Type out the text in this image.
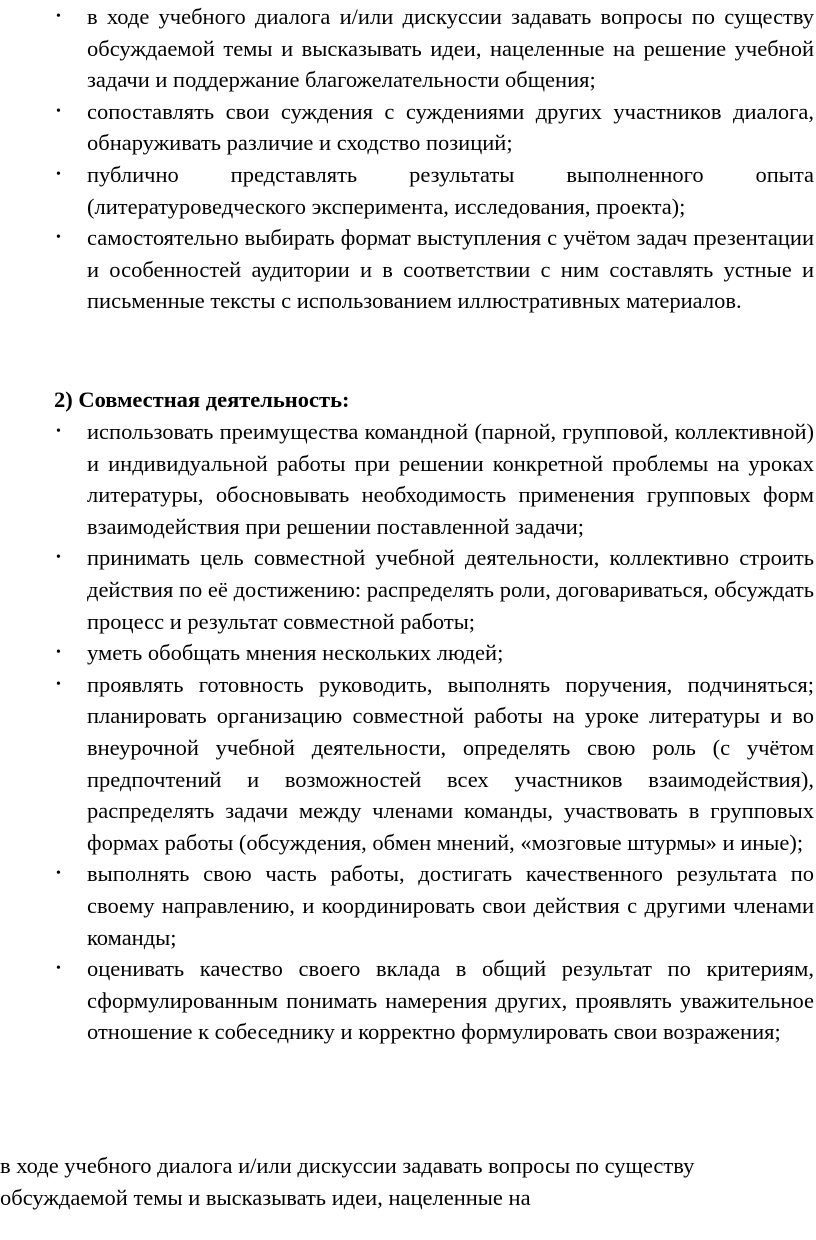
• в ходе учебного диалога и/или дискуссии задавать вопросы по существу обсуждаемой темы и высказывать идеи, нацеленные на решение учебной задачи и поддержание благожелательности общения;
• сопоставлять свои суждения с суждениями других участников диалога, обнаруживать различие и сходство позиций;
• публично представлять результаты выполненного опыта (литературоведческого эксперимента, исследования, проекта);
• самостоятельно выбирать формат выступления с учётом задач презентации и особенностей аудитории и в соответствии с ним составлять устные и письменные тексты с использованием иллюстративных материалов.
2) Совместная деятельность:
• использовать преимущества командной (парной, групповой, коллективной) и индивидуальной работы при решении конкретной проблемы на уроках литературы, обосновывать необходимость применения групповых форм взаимодействия при решении поставленной задачи;
• принимать цель совместной учебной деятельности, коллективно строить действия по её достижению: распределять роли, договариваться, обсуждать процесс и результат совместной работы;
• уметь обобщать мнения нескольких людей;
• проявлять готовность руководить, выполнять поручения, подчиняться; планировать организацию совместной работы на уроке литературы и во внеурочной учебной деятельности, определять свою роль (с учётом предпочтений и возможностей всех участников взаимодействия), распределять задачи между членами команды, участвовать в групповых формах работы (обсуждения, обмен мнений, «мозговые штурмы» и иные);
• выполнять свою часть работы, достигать качественного результата по своему направлению, и координировать свои действия с другими членами команды;
• оценивать качество своего вклада в общий результат по критериям, сформулированным понимать намерения других, проявлять уважительное отношение к собеседнику и корректно формулировать свои возражения;
в ходе учебного диалога и/или дискуссии задавать вопросы по существу
обсуждаемой темы и высказывать идеи, нацеленные на
